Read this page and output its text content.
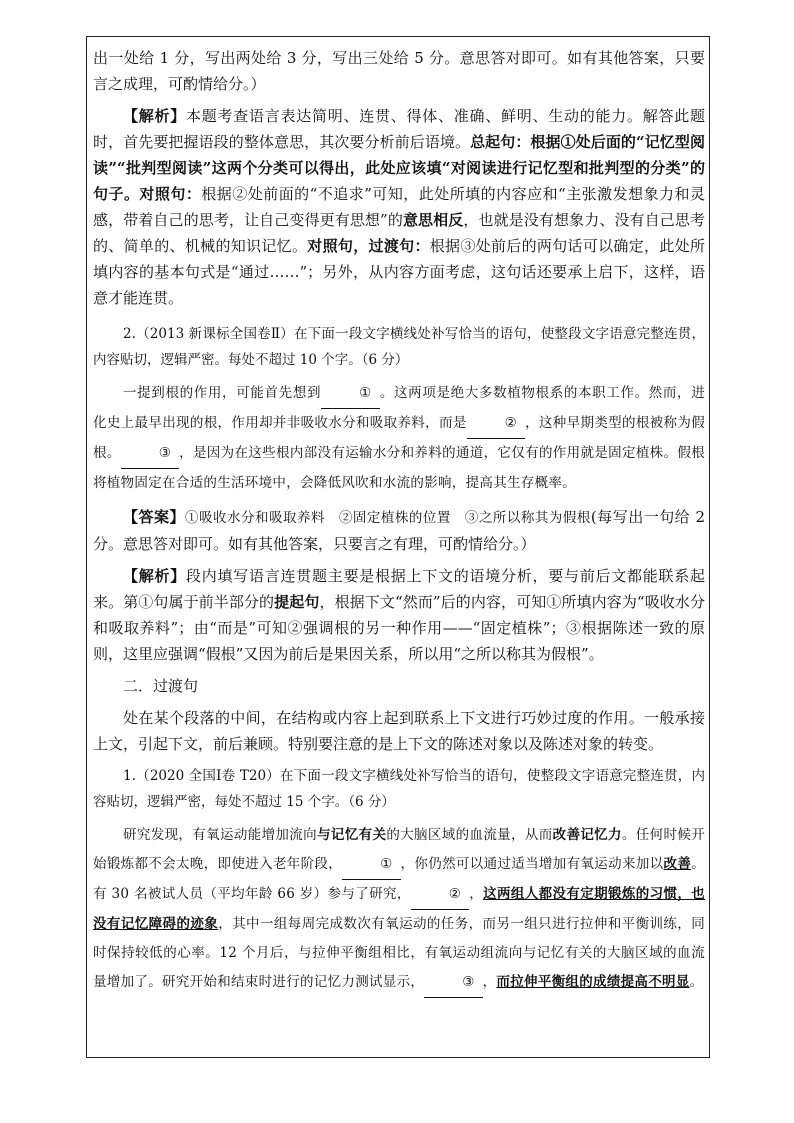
出一处给 1 分，写出两处给 3 分，写出三处给 5 分。意思答对即可。如有其他答案，只要言之成理，可酌情给分。）

【解析】本题考查语言表达简明、连贯、得体、准确、鲜明、生动的能力。解答此题时，首先要把握语段的整体意思，其次要分析前后语境。总起句：根据①处后面的“记忆型阅读”“批判型阅读”这两个分类可以得出，此处应该填“对阅读进行记忆型和批判型的分类”的句子。对照句：根据②处前面的“不追求”可知，此处所填的内容应和“主张激发想象力和灵感，带着自己的思考，让自己变得更有思想”的意思相反，也就是没有想象力、没有自己思考的、简单的、机械的知识记忆。对照句，过渡句：根据③处前后的两句话可以确定，此处所填内容的基本句式是“通过……”；另外，从内容方面考虑，这句话还要承上启下，这样，语意才能连贯。

2.（2013 新课标全国卷Ⅱ）在下面一段文字横线处补写恰当的语句，使整段文字语意完整连贯，内容贴切，逻辑严密。每处不超过 10 个字。（6 分）

一提到根的作用，可能首先想到	① 。这两项是绝大多数植物根系的本职工作。然而，进化史上最早出现的根，作用却并非吸收水分和吸取养料，而是	② ，这种早期类型的根被称为假根。	③ ，是因为在这些根内部没有运输水分和养料的通道，它仅有的作用就是固定植株。假根将植物固定在合适的生活环境中，会降低风吹和水流的影响，提高其生存概率。

【答案】①吸收水分和吸取养料　②固定植株的位置　③之所以称其为假根(每写出一句给 2 分。意思答对即可。如有其他答案，只要言之有理，可酌情给分。）

【解析】段内填写语言连贯题主要是根据上下文的语境分析，要与前后文都能联系起来。第①句属于前半部分的提起句，根据下文“然而”后的内容，可知①所填内容为“吸收水分和吸取养料”；由“而是”可知②强调根的另一种作用——“固定植株”；③根据陈述一致的原则，这里应强调“假根”又因为前后是果因关系，所以用“之所以称其为假根”。

二．过渡句

处在某个段落的中间，在结构或内容上起到联系上下文进行巧妙过度的作用。一般承接上文，引起下文，前后兼顾。特别要注意的是上下文的陈述对象以及陈述对象的转变。

1.（2020 全国Ⅰ卷 T20）在下面一段文字横线处补写恰当的语句，使整段文字语意完整连贯，内容贴切，逻辑严密，每处不超过 15 个字。（6 分）

研究发现，有氧运动能增加流向与记忆有关的大脑区域的血流量，从而改善记忆力。任何时候开始锻炼都不会太晚，即使进入老年阶段，	① ，你仍然可以通过适当增加有氧运动来加以改善。有 30 名被试人员（平均年龄 66 岁）参与了研究，	② ，这两组人都没有定期锻炼的习惯，也没有记忆障碍的迹象，其中一组每周完成数次有氧运动的任务，而另一组只进行拉伸和平衡训练，同时保持较低的心率。12 个月后，与拉伸平衡组相比，有氧运动组流向与记忆有关的大脑区域的血流量增加了。研究开始和结束时进行的记忆力测试显示，	③ ，而拉伸平衡组的成绩提高不明显。
